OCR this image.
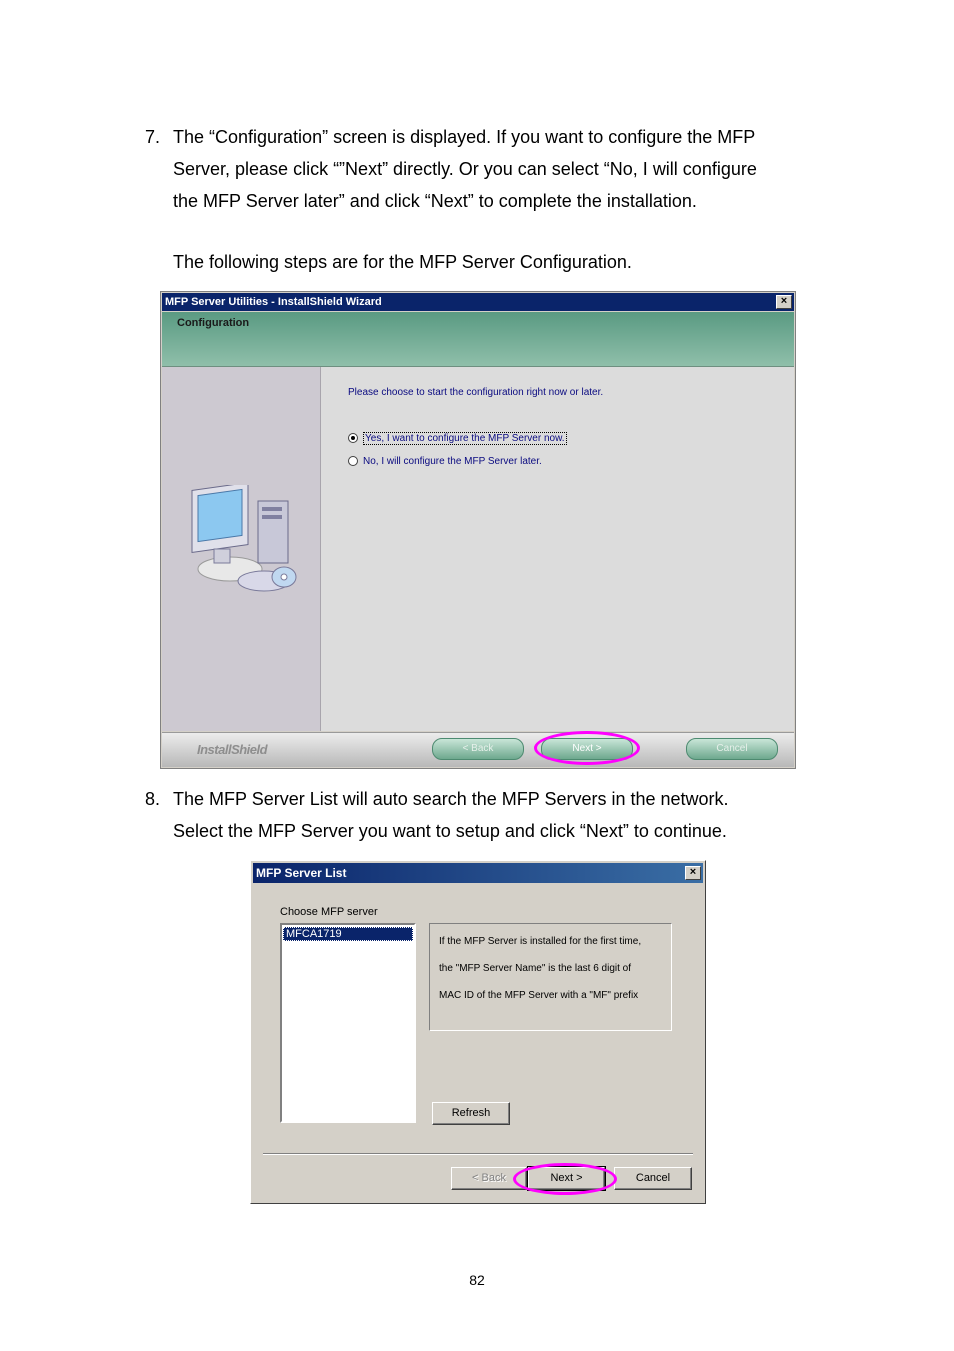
7. The “Configuration” screen is displayed. If you want to configure the MFP
Server, please click “”Next” directly. Or you can select “No, I will configure
the MFP Server later” and click “Next” to complete the installation.
The following steps are for the MFP Server Configuration.
MFP Server Utilities - InstallShield Wizard	×
Configuration
Please choose to start the configuration right now or later.
Yes, I want to configure the MFP Server now.
No, I will configure the MFP Server later.
InstallShield	< Back	Next >	Cancel
8. The MFP Server List will auto search the MFP Servers in the network.
Select the MFP Server you want to setup and click “Next” to continue.
MFP Server List	×
Choose MFP server
MFCA1719
If the MFP Server is installed for the first time,
the "MFP Server Name" is the last 6 digit of
MAC ID of the MFP Server with a "MF" prefix
Refresh
< Back	Next >	Cancel
82
